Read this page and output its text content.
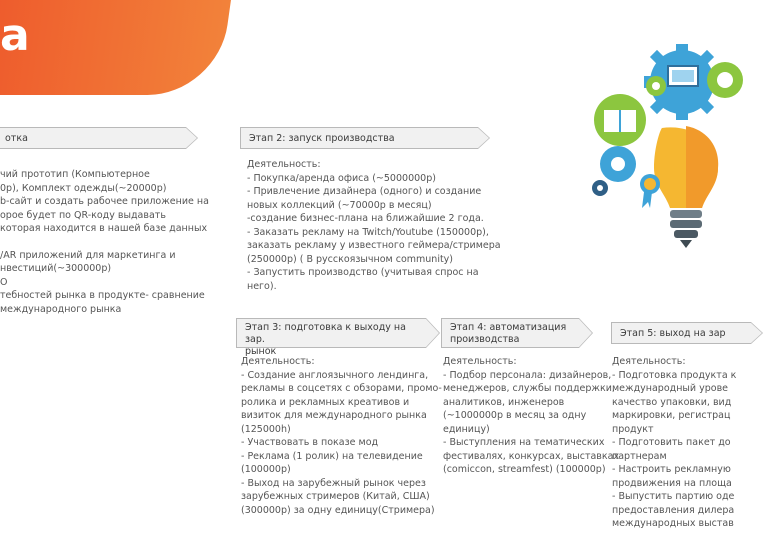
а
отка
чий прототип (Компьютерное
0р), Комплект одежды(~20000р)
b-сайт и создать рабочее приложение на
орое будет по QR-коду выдавать
которая находится в нашей базе данных
/AR приложений для маркетинга и
нвестиций(~300000р)
О
тебностей рынка в продукте- сравнение
международного рынка
Этап 2: запуск производства
Деятельность:
- Покупка/аренда офиса (~5000000р)
- Привлечение дизайнера (одного) и создание
новых коллекций (~70000р в месяц)
-создание бизнес-плана на ближайшие 2 года.
- Заказать рекламу на Twitch/Youtube (150000р),
заказать рекламу у известного геймера/стримера
(250000р) ( В русскоязычном community)
- Запустить производство (учитывая спрос на
него).
Этап 3: подготовка к выходу на зар.
рынок
Деятельность:
- Создание англоязычного лендинга,
рекламы в соцсетях с обзорами, промо-
ролика и рекламных креативов и
визиток для международного рынка
(125000h)
- Участвовать в показе мод
- Реклама (1 ролик) на телевидение
(100000р)
- Выход на зарубежный рынок через
зарубежных стримеров (Китай, США)
(300000р) за одну единицу(Стримера)
Этап 4: автоматизация
производства
Деятельность:
- Подбор персонала: дизайнеров,
менеджеров, службы поддержки,
аналитиков, инженеров
(~1000000р в месяц за одну
единицу)
- Выступления на тематических
фестивалях, конкурсах, выставках
(comiccon, streamfest) (100000р)
Этап 5: выход на зар
Деятельность:
- Подготовка продукта к
международный урове
качество упаковки, вид
маркировки, регистрац
продукт
- Подготовить пакет до
партнерам
- Настроить рекламную
продвижения на площа
- Выпустить партию оде
предоставления дилера
международных выстав
